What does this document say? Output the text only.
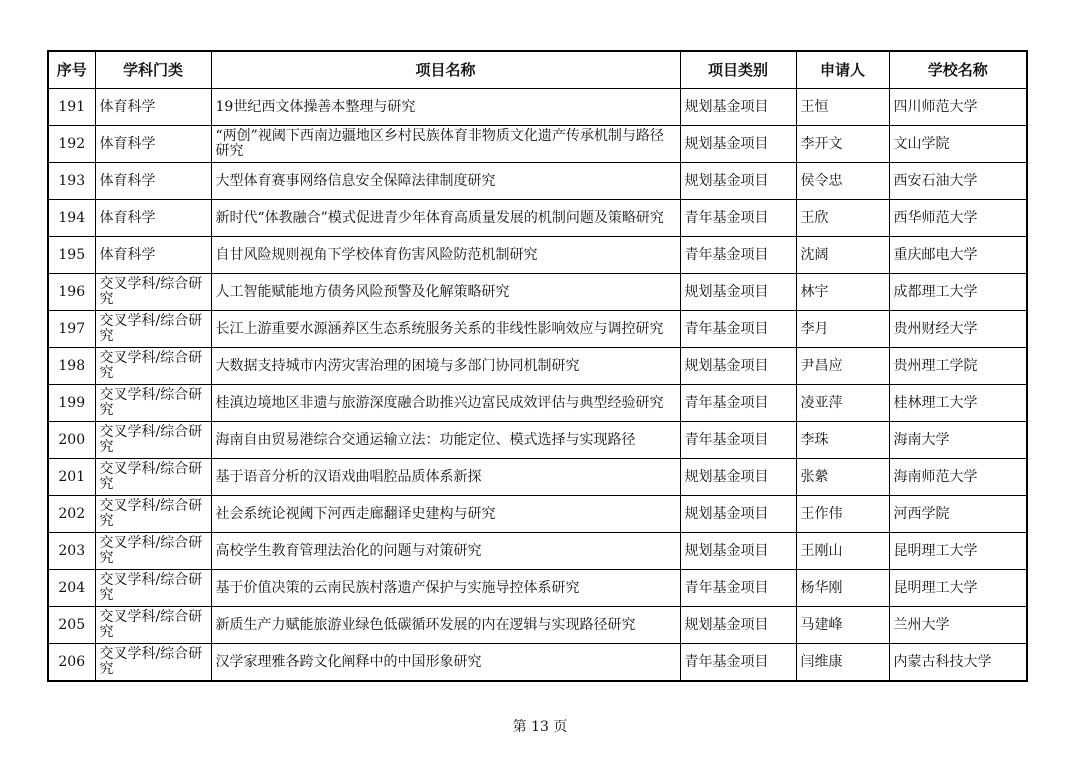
序号	学科门类	项目名称	项目类别	申请人	学校名称
191	体育科学	19世纪西文体操善本整理与研究	规划基金项目	王恒	四川师范大学
192	体育科学	“两创”视阈下西南边疆地区乡村民族体育非物质文化遗产传承机制与路径研究	规划基金项目	李开文	文山学院
193	体育科学	大型体育赛事网络信息安全保障法律制度研究	规划基金项目	侯令忠	西安石油大学
194	体育科学	新时代“体教融合”模式促进青少年体育高质量发展的机制问题及策略研究	青年基金项目	王欣	西华师范大学
195	体育科学	自甘风险规则视角下学校体育伤害风险防范机制研究	青年基金项目	沈阔	重庆邮电大学
196	交叉学科/综合研究	人工智能赋能地方债务风险预警及化解策略研究	规划基金项目	林宇	成都理工大学
197	交叉学科/综合研究	长江上游重要水源涵养区生态系统服务关系的非线性影响效应与调控研究	青年基金项目	李月	贵州财经大学
198	交叉学科/综合研究	大数据支持城市内涝灾害治理的困境与多部门协同机制研究	规划基金项目	尹昌应	贵州理工学院
199	交叉学科/综合研究	桂滇边境地区非遗与旅游深度融合助推兴边富民成效评估与典型经验研究	青年基金项目	凌亚萍	桂林理工大学
200	交叉学科/综合研究	海南自由贸易港综合交通运输立法：功能定位、模式选择与实现路径	青年基金项目	李珠	海南大学
201	交叉学科/综合研究	基于语音分析的汉语戏曲唱腔品质体系新探	规划基金项目	张縈	海南师范大学
202	交叉学科/综合研究	社会系统论视阈下河西走廊翻译史建构与研究	规划基金项目	王作伟	河西学院
203	交叉学科/综合研究	高校学生教育管理法治化的问题与对策研究	规划基金项目	王刚山	昆明理工大学
204	交叉学科/综合研究	基于价值决策的云南民族村落遗产保护与实施导控体系研究	青年基金项目	杨华刚	昆明理工大学
205	交叉学科/综合研究	新质生产力赋能旅游业绿色低碳循环发展的内在逻辑与实现路径研究	规划基金项目	马建峰	兰州大学
206	交叉学科/综合研究	汉学家理雅各跨文化阐释中的中国形象研究	青年基金项目	闫维康	内蒙古科技大学
第 13 页
